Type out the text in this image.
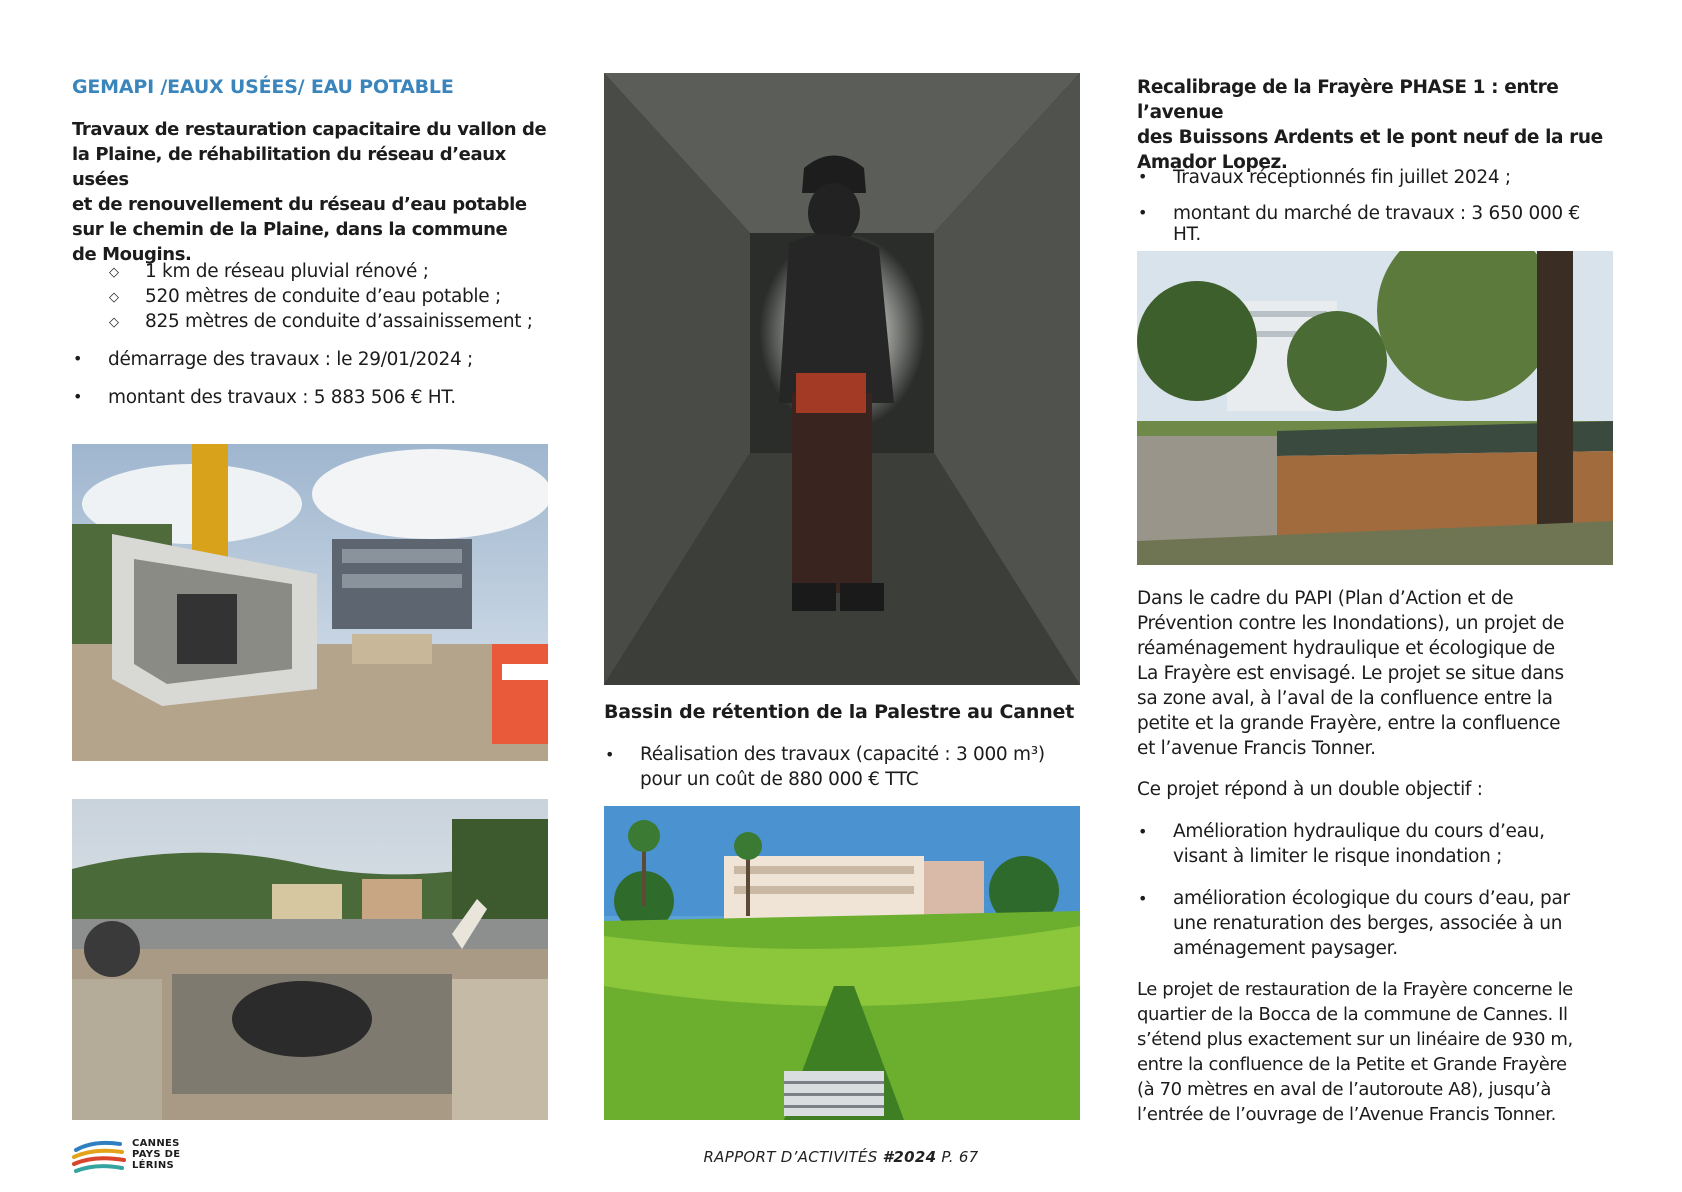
GEMAPI /EAUX USÉES/ EAU POTABLE
Travaux de restauration capacitaire du vallon de
la Plaine, de réhabilitation du réseau d’eaux usées
et de renouvellement du réseau d’eau potable
sur le chemin de la Plaine, dans la commune
de Mougins.
◇ 1 km de réseau pluvial rénové ;
◇ 520 mètres de conduite d’eau potable ;
◇ 825 mètres de conduite d’assainissement ;
• démarrage des travaux : le 29/01/2024 ;
• montant des travaux : 5 883 506 € HT.
Bassin de rétention de la Palestre au Cannet
• Réalisation des travaux (capacité : 3 000 m³)
pour un coût de 880 000 € TTC
Recalibrage de la Frayère PHASE 1 : entre l’avenue
des Buissons Ardents et le pont neuf de la rue
Amador Lopez.
• Travaux réceptionnés fin juillet 2024 ;
• montant du marché de travaux : 3 650 000 € HT.
Dans le cadre du PAPI (Plan d’Action et de
Prévention contre les Inondations), un projet de
réaménagement hydraulique et écologique de
La Frayère est envisagé. Le projet se situe dans
sa zone aval, à l’aval de la confluence entre la
petite et la grande Frayère, entre la confluence
et l’avenue Francis Tonner.
Ce projet répond à un double objectif :
• Amélioration hydraulique du cours d’eau,
visant à limiter le risque inondation ;
• amélioration écologique du cours d’eau, par
une renaturation des berges, associée à un
aménagement paysager.
Le projet de restauration de la Frayère concerne le
quartier de la Bocca de la commune de Cannes. Il
s’étend plus exactement sur un linéaire de 930 m,
entre la confluence de la Petite et Grande Frayère
(à 70 mètres en aval de l’autoroute A8), jusqu’à
l’entrée de l’ouvrage de l’Avenue Francis Tonner.
CANNES
PAYS DE
LÉRINS	RAPPORT D’ACTIVITÉS #2024 P. 67
